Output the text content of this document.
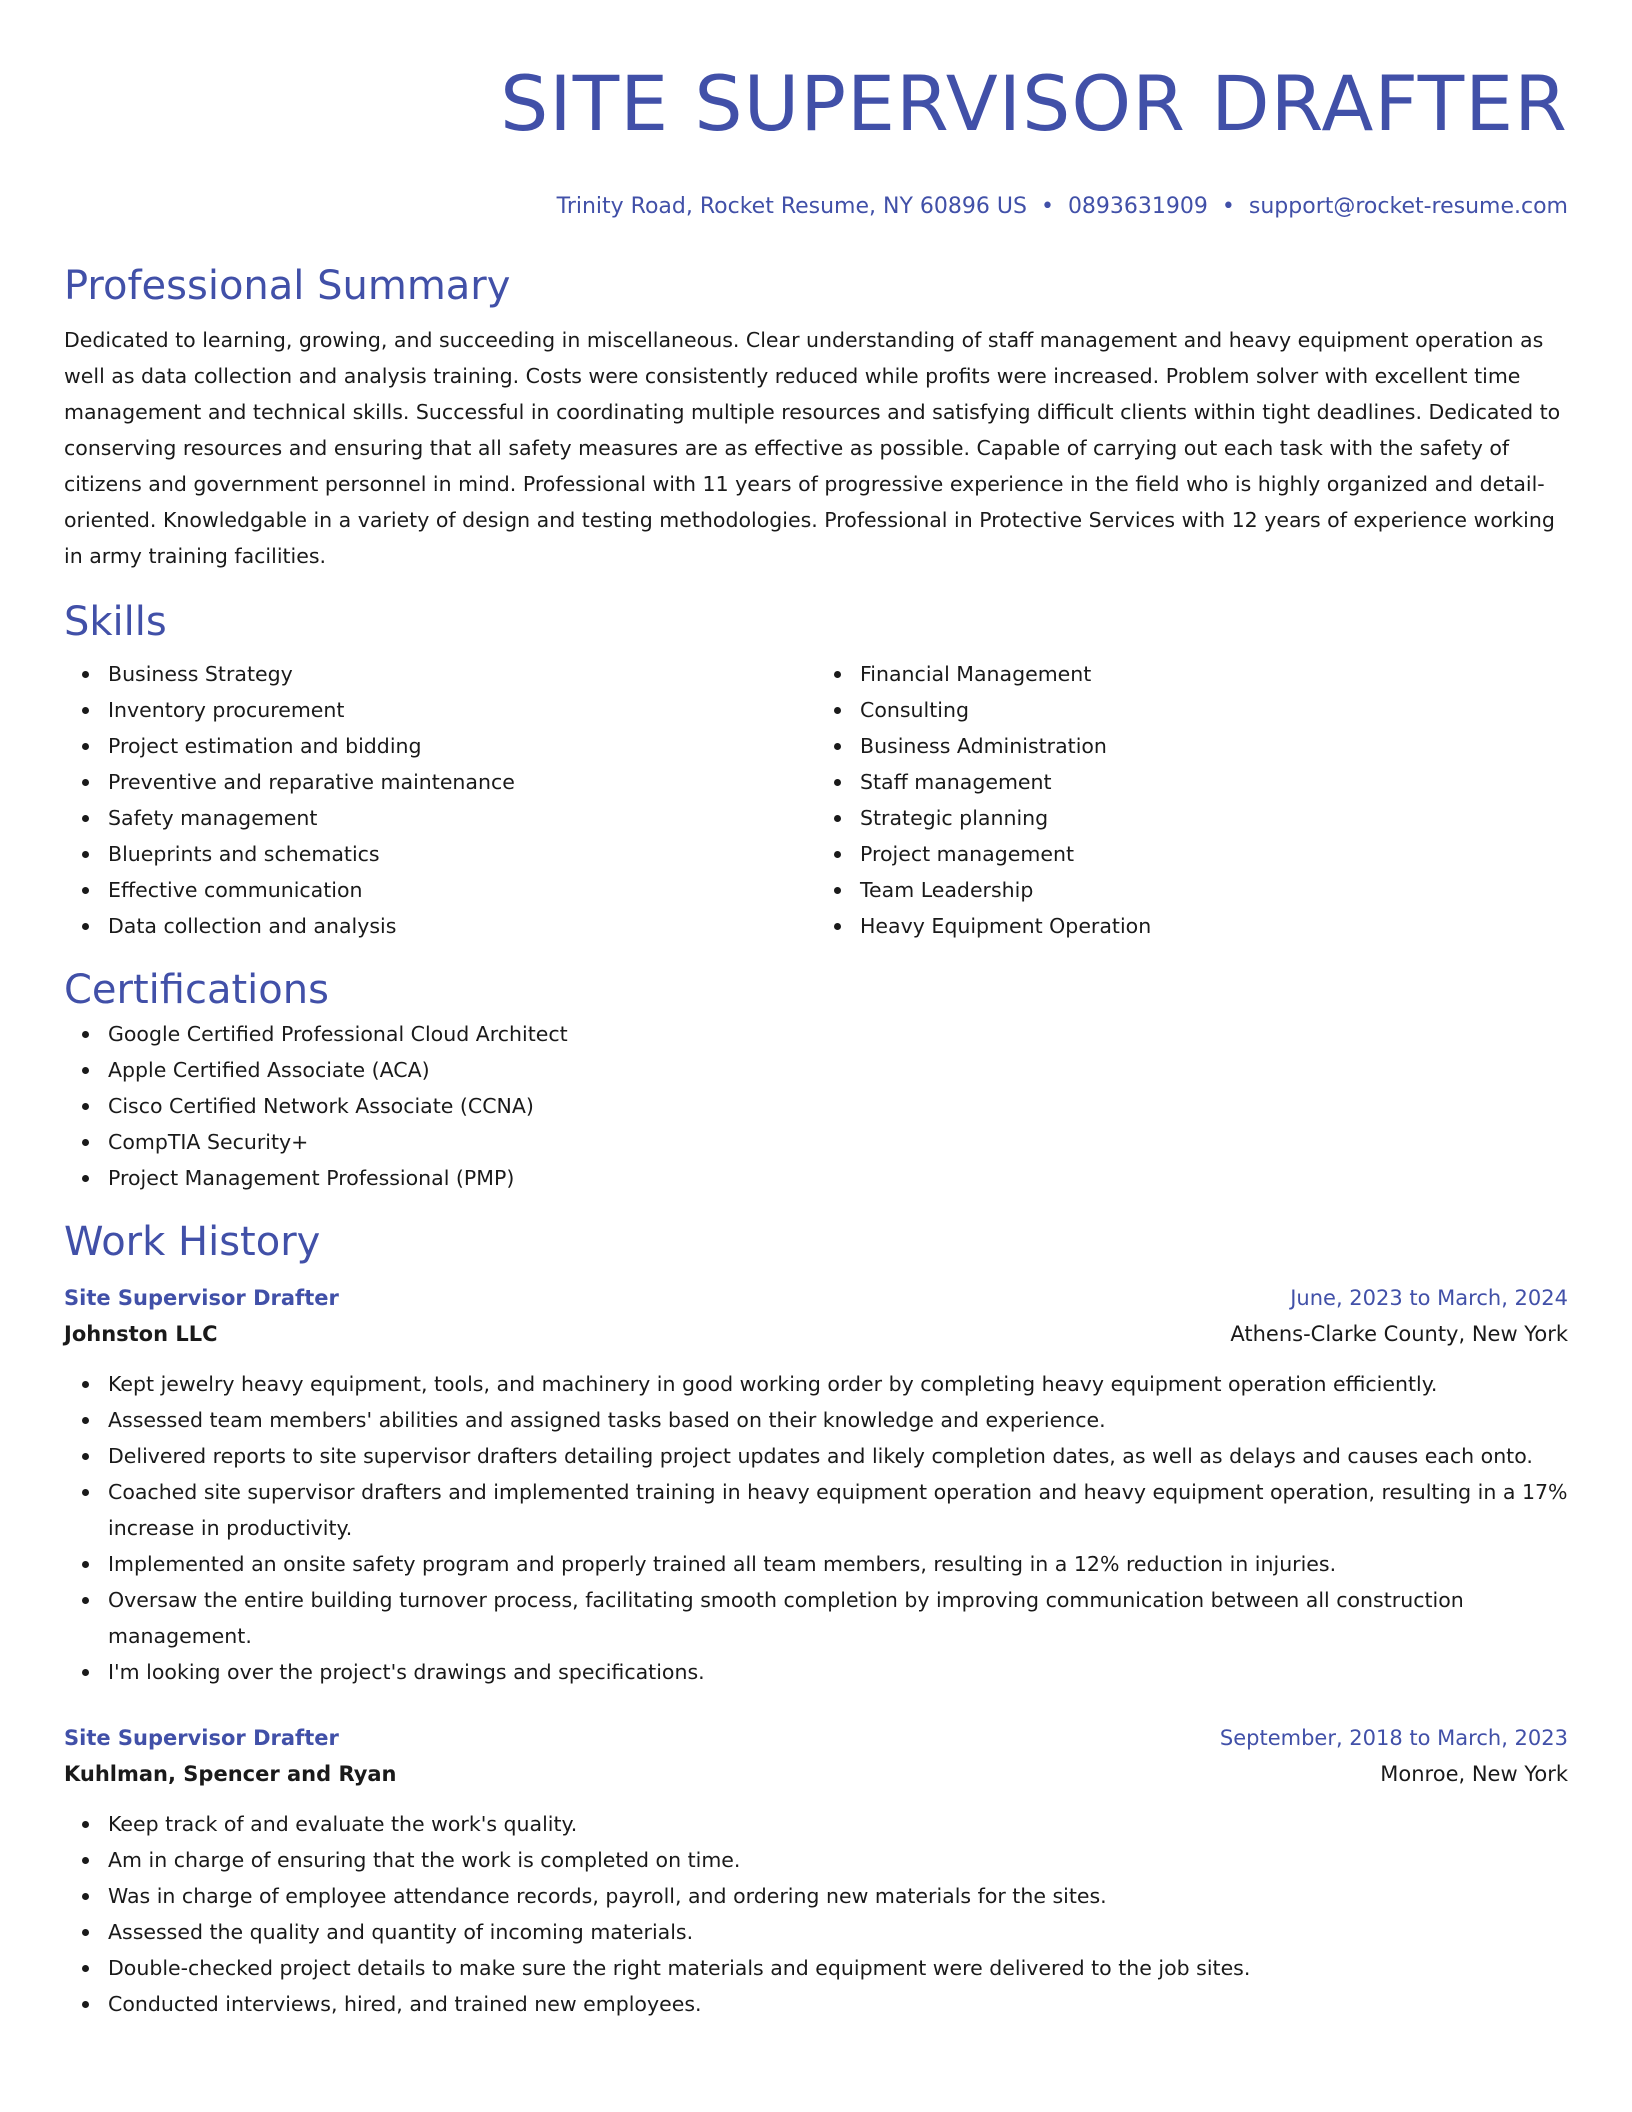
SITE SUPERVISOR DRAFTER
Trinity Road, Rocket Resume, NY 60896 US • 0893631909 • support@rocket-resume.com
Professional Summary
Dedicated to learning, growing, and succeeding in miscellaneous. Clear understanding of staff management and heavy equipment operation as well as data collection and analysis training. Costs were consistently reduced while profits were increased. Problem solver with excellent time management and technical skills. Successful in coordinating multiple resources and satisfying difficult clients within tight deadlines. Dedicated to conserving resources and ensuring that all safety measures are as effective as possible. Capable of carrying out each task with the safety of citizens and government personnel in mind. Professional with 11 years of progressive experience in the field who is highly organized and detail-oriented. Knowledgable in a variety of design and testing methodologies. Professional in Protective Services with 12 years of experience working in army training facilities.
Skills
Business Strategy
Inventory procurement
Project estimation and bidding
Preventive and reparative maintenance
Safety management
Blueprints and schematics
Effective communication
Data collection and analysis
Financial Management
Consulting
Business Administration
Staff management
Strategic planning
Project management
Team Leadership
Heavy Equipment Operation
Certifications
Google Certified Professional Cloud Architect
Apple Certified Associate (ACA)
Cisco Certified Network Associate (CCNA)
CompTIA Security+
Project Management Professional (PMP)
Work History
Site Supervisor Drafter	June, 2023 to March, 2024
Johnston LLC	Athens-Clarke County, New York
Kept jewelry heavy equipment, tools, and machinery in good working order by completing heavy equipment operation efficiently.
Assessed team members' abilities and assigned tasks based on their knowledge and experience.
Delivered reports to site supervisor drafters detailing project updates and likely completion dates, as well as delays and causes each onto.
Coached site supervisor drafters and implemented training in heavy equipment operation and heavy equipment operation, resulting in a 17% increase in productivity.
Implemented an onsite safety program and properly trained all team members, resulting in a 12% reduction in injuries.
Oversaw the entire building turnover process, facilitating smooth completion by improving communication between all construction management.
I'm looking over the project's drawings and specifications.
Site Supervisor Drafter	September, 2018 to March, 2023
Kuhlman, Spencer and Ryan	Monroe, New York
Keep track of and evaluate the work's quality.
Am in charge of ensuring that the work is completed on time.
Was in charge of employee attendance records, payroll, and ordering new materials for the sites.
Assessed the quality and quantity of incoming materials.
Double-checked project details to make sure the right materials and equipment were delivered to the job sites.
Conducted interviews, hired, and trained new employees.
